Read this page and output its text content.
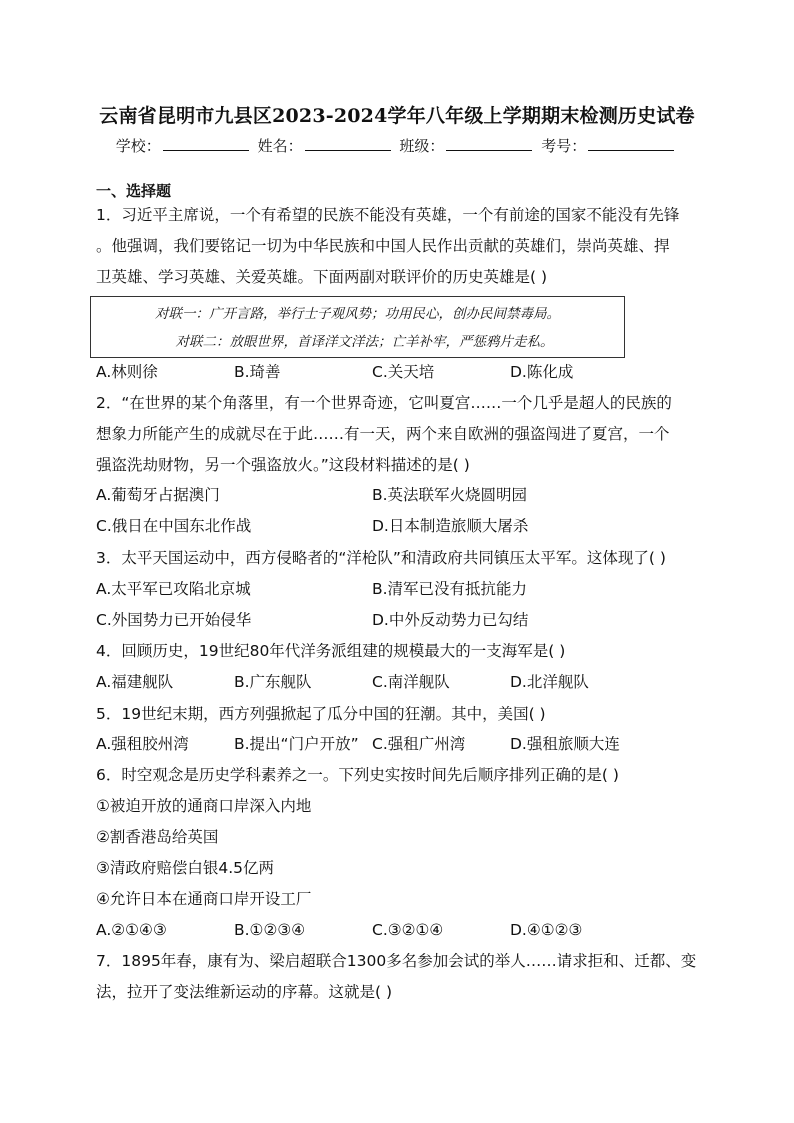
云南省昆明市九县区2023-2024学年八年级上学期期末检测历史试卷
学校：	姓名：	班级：	考号：
一、选择题
1．习近平主席说，一个有希望的民族不能没有英雄，一个有前途的国家不能没有先锋
。他强调，我们要铭记一切为中华民族和中国人民作出贡献的英雄们，崇尚英雄、捍
卫英雄、学习英雄、关爱英雄。下面两副对联评价的历史英雄是( )
对联一：广开言路，举行士子观风势；功用民心，创办民间禁毒局。
对联二：放眼世界，首译洋文洋法；亡羊补牢，严惩鸦片走私。
A.林则徐	B.琦善	C.关天培	D.陈化成
2．“在世界的某个角落里，有一个世界奇迹，它叫夏宫……一个几乎是超人的民族的
想象力所能产生的成就尽在于此……有一天，两个来自欧洲的强盗闯进了夏宫，一个
强盗洗劫财物，另一个强盗放火。”这段材料描述的是( )
A.葡萄牙占据澳门	B.英法联军火烧圆明园
C.俄日在中国东北作战	D.日本制造旅顺大屠杀
3．太平天国运动中，西方侵略者的“洋枪队”和清政府共同镇压太平军。这体现了( )
A.太平军已攻陷北京城	B.清军已没有抵抗能力
C.外国势力已开始侵华	D.中外反动势力已勾结
4．回顾历史，19世纪80年代洋务派组建的规模最大的一支海军是( )
A.福建舰队	B.广东舰队	C.南洋舰队	D.北洋舰队
5．19世纪末期，西方列强掀起了瓜分中国的狂潮。其中，美国( )
A.强租胶州湾	B.提出“门户开放” C.强租广州湾	D.强租旅顺大连
6．时空观念是历史学科素养之一。下列史实按时间先后顺序排列正确的是( )
①被迫开放的通商口岸深入内地
②割香港岛给英国
③清政府赔偿白银4.5亿两
④允许日本在通商口岸开设工厂
A.②①④③	B.①②③④	C.③②①④	D.④①②③
7．1895年春，康有为、梁启超联合1300多名参加会试的举人……请求拒和、迁都、变
法，拉开了变法维新运动的序幕。这就是( )
